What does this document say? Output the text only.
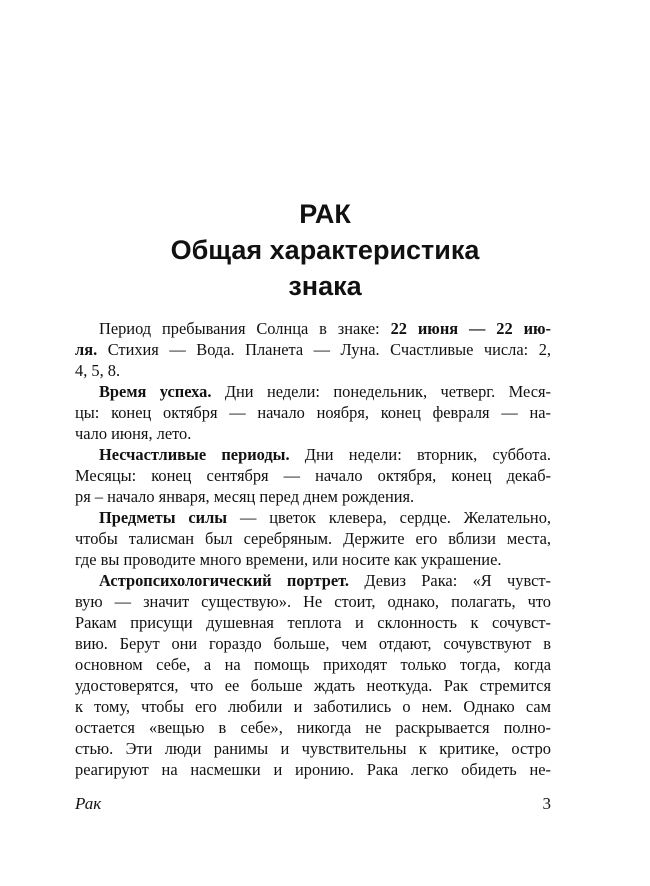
РАК
Общая характеристика
знака
Период пребывания Солнца в знаке: 22 июня — 22 ию-
ля. Стихия — Вода. Планета — Луна. Счастливые числа: 2,
4, 5, 8.
Время успеха. Дни недели: понедельник, четверг. Меся-
цы: конец октября — начало ноября, конец февраля — на-
чало июня, лето.
Несчастливые периоды. Дни недели: вторник, суббота.
Месяцы: конец сентября — начало октября, конец декаб-
ря – начало января, месяц перед днем рождения.
Предметы силы — цветок клевера, сердце. Желательно,
чтобы талисман был серебряным. Держите его вблизи места,
где вы проводите много времени, или носите как украшение.
Астропсихологический портрет. Девиз Рака: «Я чувст-
вую — значит существую». Не стоит, однако, полагать, что
Ракам присущи душевная теплота и склонность к сочувст-
вию. Берут они гораздо больше, чем отдают, сочувствуют в
основном себе, а на помощь приходят только тогда, когда
удостоверятся, что ее больше ждать неоткуда. Рак стремится
к тому, чтобы его любили и заботились о нем. Однако сам
остается «вещью в себе», никогда не раскрывается полно-
стью. Эти люди ранимы и чувствительны к критике, остро
реагируют на насмешки и иронию. Рака легко обидеть не-
Рак	3
